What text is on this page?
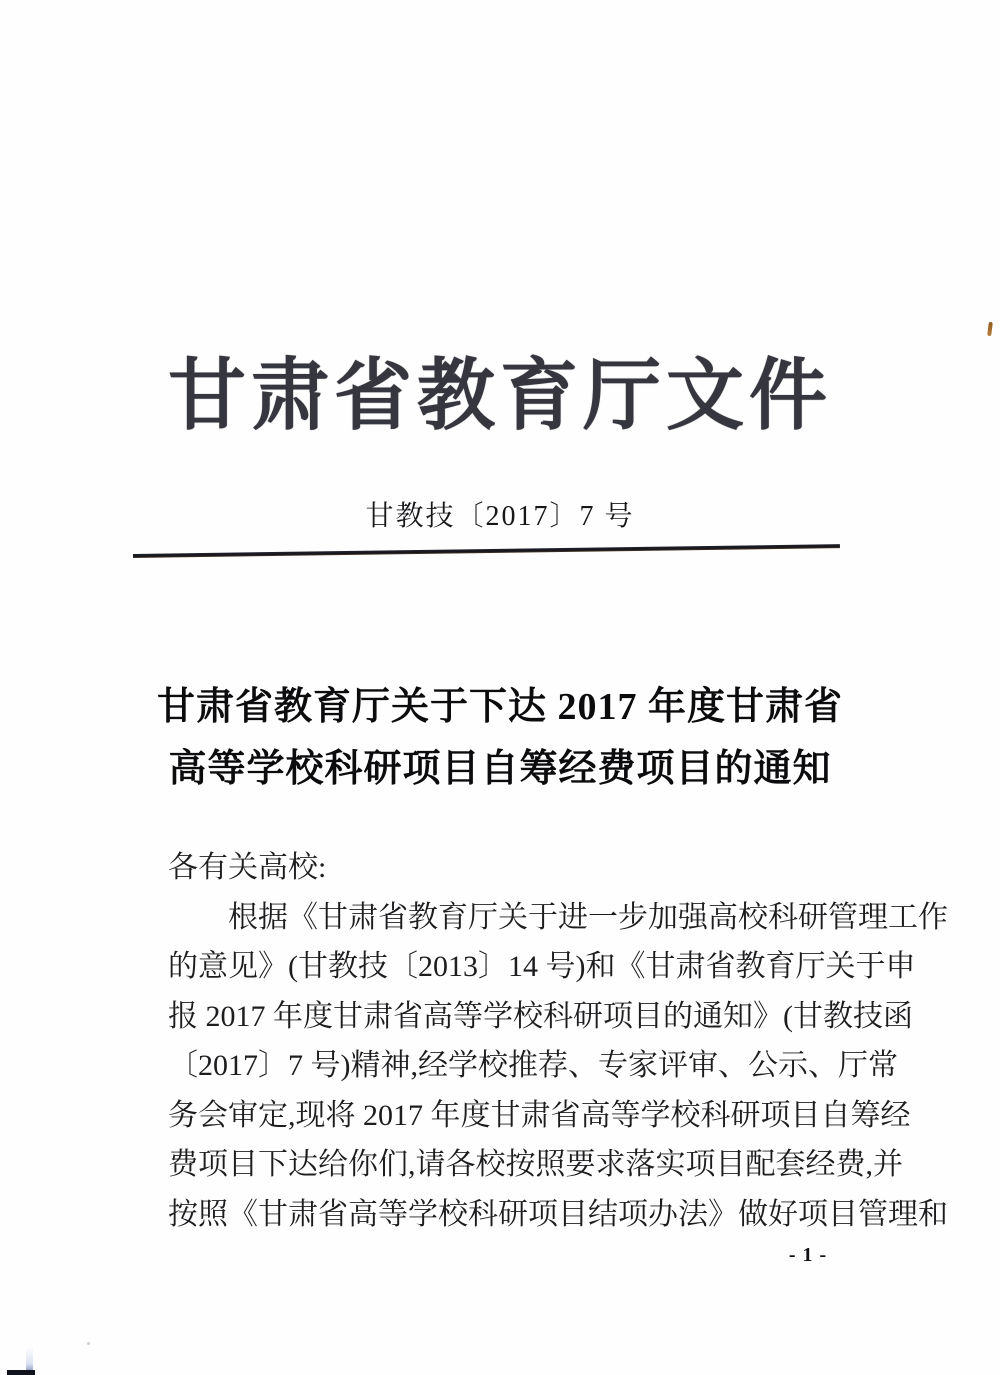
甘肃省教育厅文件
甘教技〔2017〕7 号
甘肃省教育厅关于下达 2017 年度甘肃省
高等学校科研项目自筹经费项目的通知
各有关高校:
根据《甘肃省教育厅关于进一步加强高校科研管理工作
的意见》(甘教技〔2013〕14 号)和《甘肃省教育厅关于申
报 2017 年度甘肃省高等学校科研项目的通知》(甘教技函
〔2017〕7 号)精神,经学校推荐、专家评审、公示、厅常
务会审定,现将 2017 年度甘肃省高等学校科研项目自筹经
费项目下达给你们,请各校按照要求落实项目配套经费,并
按照《甘肃省高等学校科研项目结项办法》做好项目管理和
- 1 -
